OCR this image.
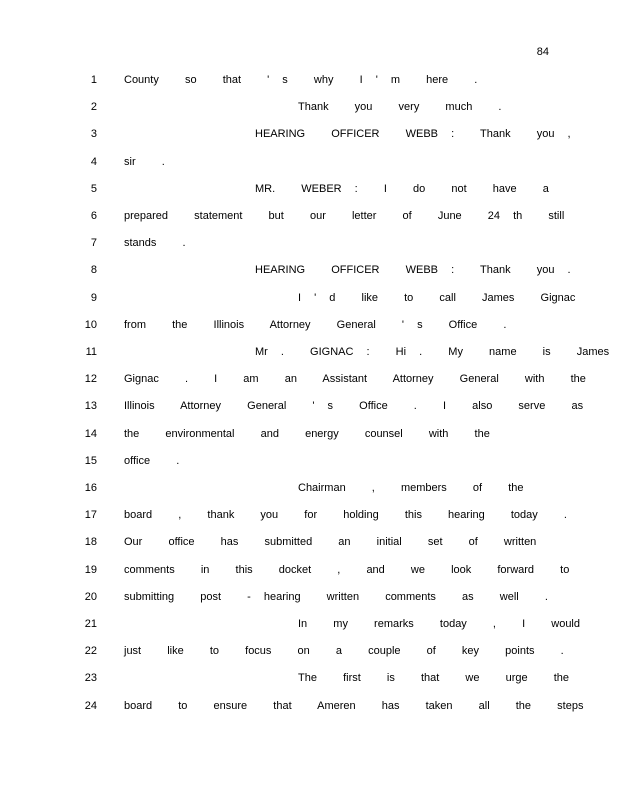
84
1 County  so  that  ' s  why  I ' m  here  .
2	Thank  you  very  much  .
3	HEARING  OFFICER  WEBB :  Thank  you ,
4 sir  .
5	MR.  WEBER :  I  do  not  have  a
6 prepared  statement  but  our  letter  of  June  24 th  still
7 stands  .
8	HEARING  OFFICER  WEBB :  Thank  you .
9	I ' d  like  to  call  James  Gignac
10 from  the  Illinois  Attorney  General  ' s  Office  .
11	Mr .  GIGNAC :  Hi .  My  name  is  James
12 Gignac  .  I  am  an  Assistant  Attorney  General  with  the
13 Illinois  Attorney  General  ' s  Office  .  I  also  serve  as
14 the  environmental  and  energy  counsel  with  the
15 office  .
16	Chairman  ,  members  of  the
17 board  ,  thank  you  for  holding  this  hearing  today  .
18 Our  office  has  submitted  an  initial  set  of  written
19 comments  in  this  docket  ,  and  we  look  forward  to
20 submitting  post  - hearing  written  comments  as  well  .
21	In  my  remarks  today  ,  I  would
22 just  like  to  focus  on  a  couple  of  key  points  .
23	The  first  is  that  we  urge  the
24 board  to  ensure  that  Ameren  has  taken  all  the  steps
